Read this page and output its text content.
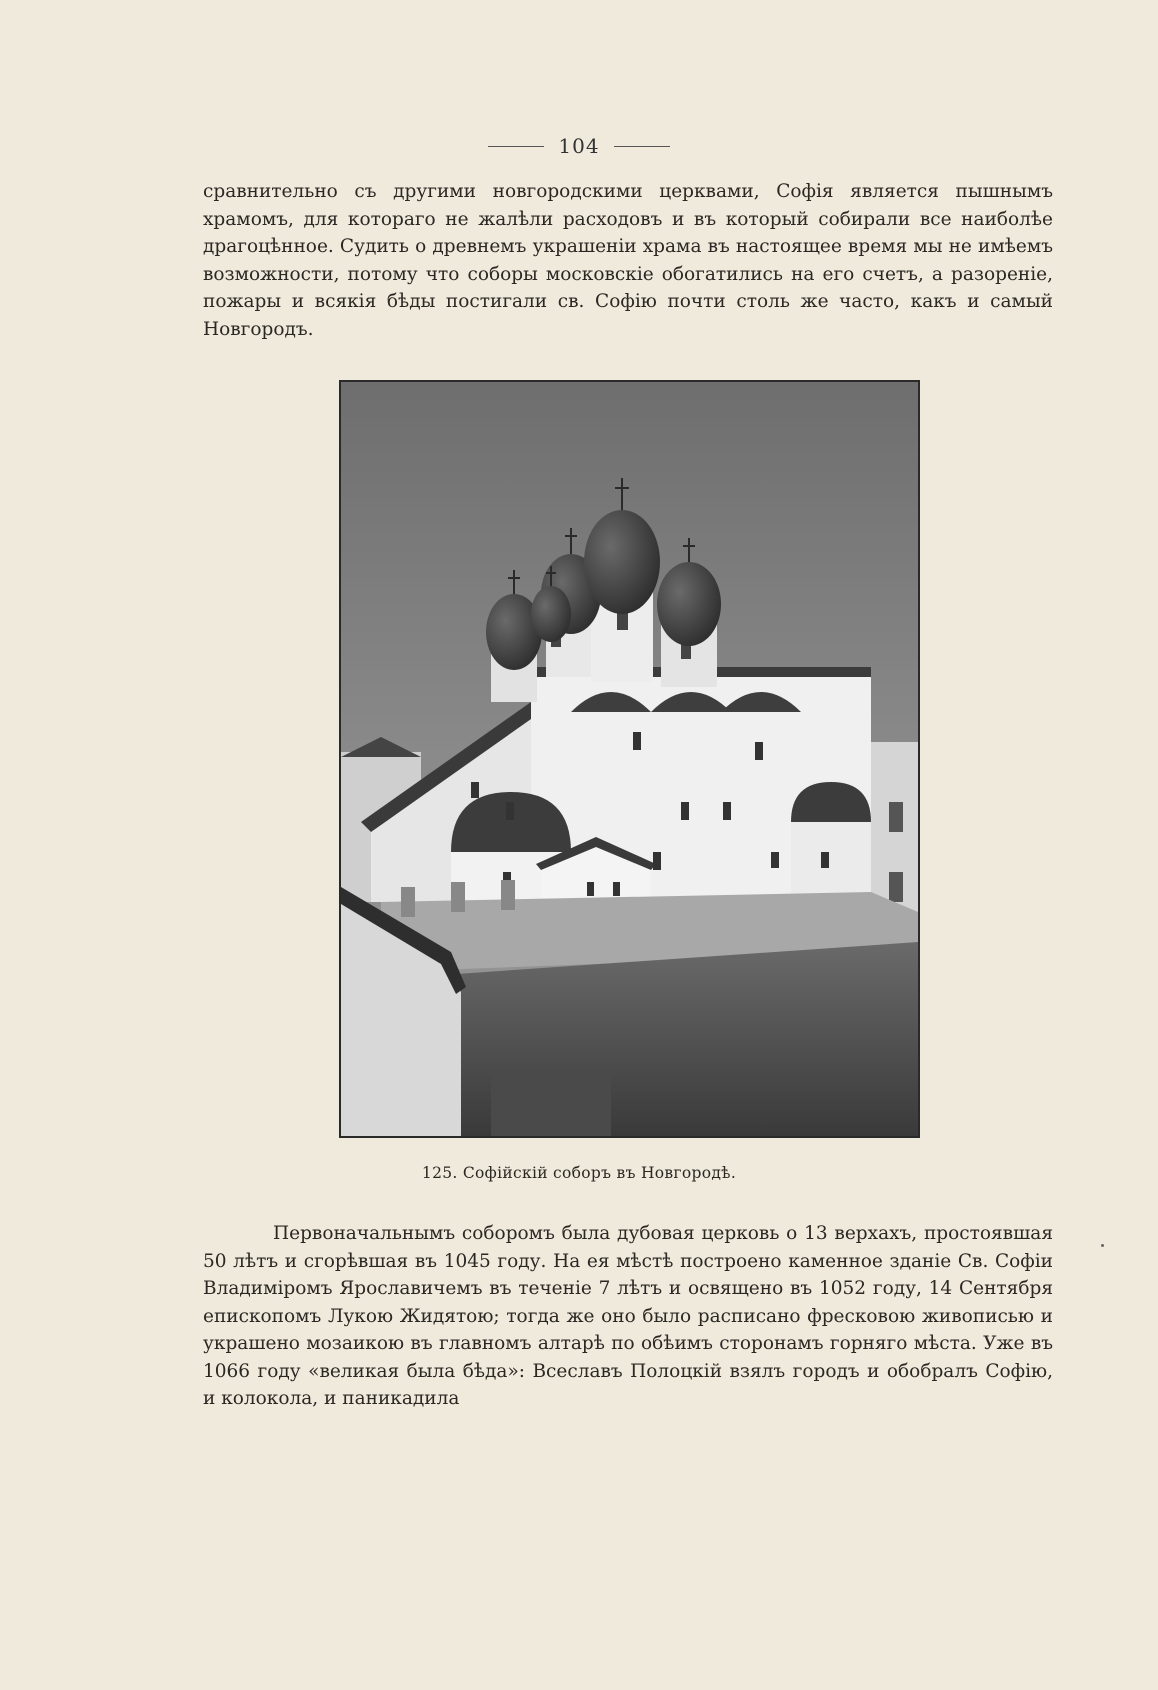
104

сравнительно съ другими новгородскими церквами, Софія является пышнымъ храмомъ, для котораго не жалѣли расходовъ и въ который собирали все наиболѣе драгоцѣнное. Судить о древнемъ украшеніи храма въ настоящее время мы не имѣемъ возможности, потому что соборы московскіе обогатились на его счетъ, а разореніе, пожары и всякія бѣды постигали св. Софію почти столь же часто, какъ и самый Новгородъ.

125. Софійскій соборъ въ Новгородѣ.

Первоначальнымъ соборомъ была дубовая церковь о 13 верхахъ, простоявшая 50 лѣтъ и сгорѣвшая въ 1045 году. На ея мѣстѣ построено каменное зданіе Св. Софіи Владиміромъ Ярославичемъ въ теченіе 7 лѣтъ и освящено въ 1052 году, 14 Сентября епископомъ Лукою Жидятою; тогда же оно было расписано фресковою живописью и украшено мозаикою въ главномъ алтарѣ по обѣимъ сторонамъ горняго мѣста. Уже въ 1066 году «великая была бѣда»: Всеславъ Полоцкій взялъ городъ и обобралъ Софію, и колокола, и паникадила
